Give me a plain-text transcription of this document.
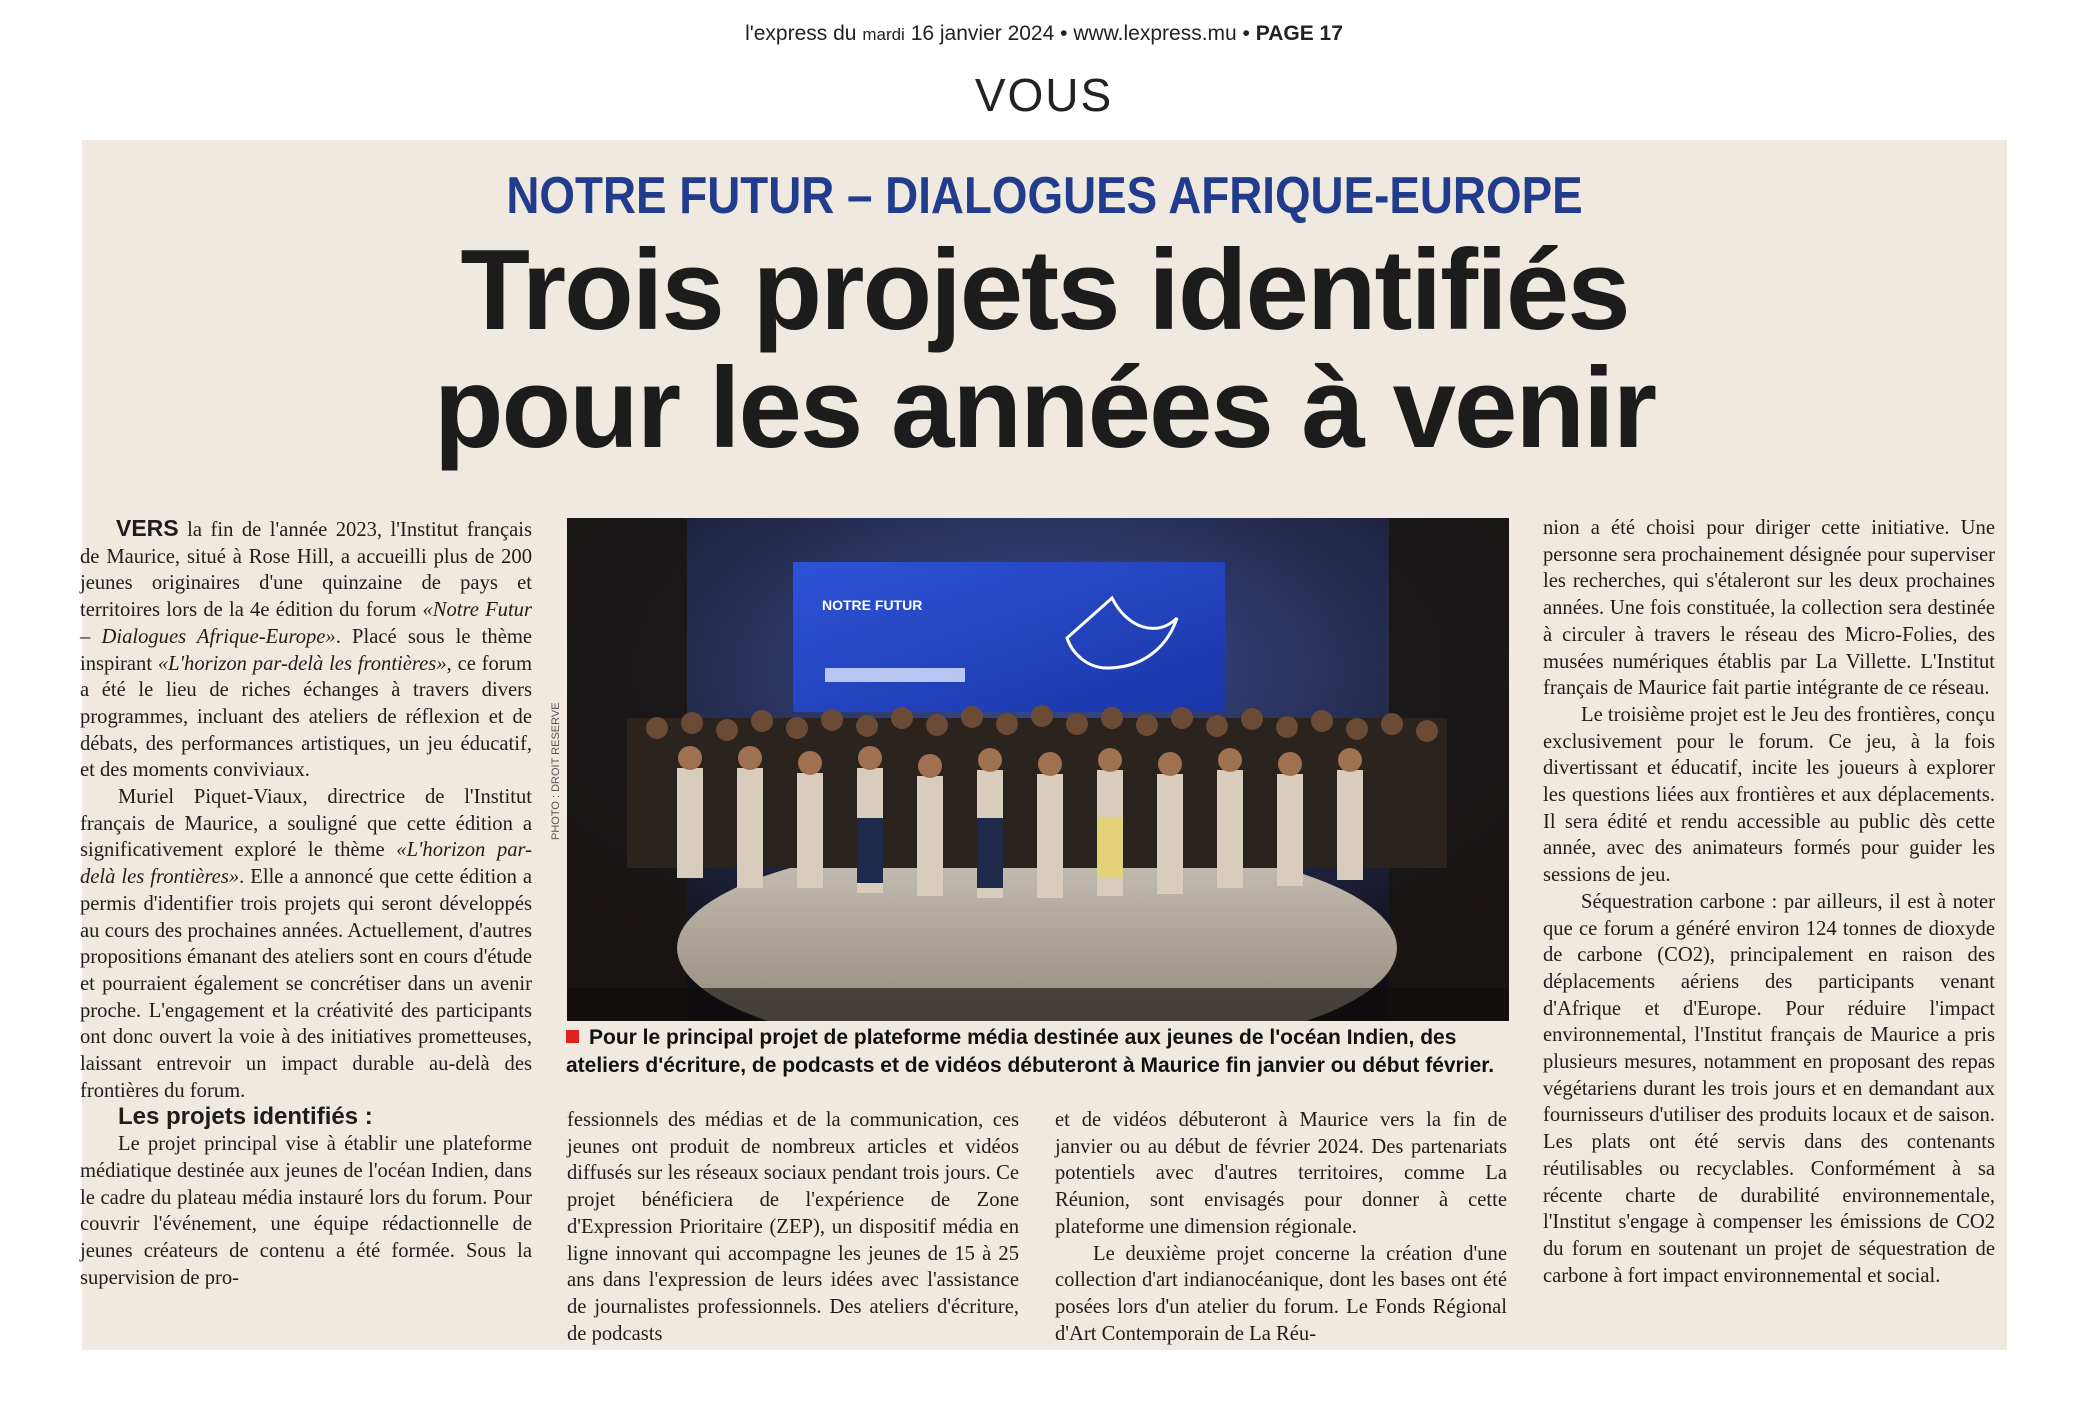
l'express du mardi 16 janvier 2024 • www.lexpress.mu • PAGE 17
VOUS
NOTRE FUTUR – DIALOGUES AFRIQUE-EUROPE
Trois projets identifiés
pour les années à venir

VERS la fin de l'année 2023, l'Institut français de Maurice, situé à Rose Hill, a accueilli plus de 200 jeunes originaires d'une quinzaine de pays et territoires lors de la 4e édition du forum «Notre Futur – Dialogues Afrique-Europe». Placé sous le thème inspirant «L'horizon par-delà les frontières», ce forum a été le lieu de riches échanges à travers divers programmes, incluant des ateliers de réflexion et de débats, des performances artistiques, un jeu éducatif, et des moments conviviaux.

Muriel Piquet-Viaux, directrice de l'Institut français de Maurice, a souligné que cette édition a significativement exploré le thème «L'horizon par-delà les frontières». Elle a annoncé que cette édition a permis d'identifier trois projets qui seront développés au cours des prochaines années. Actuellement, d'autres propositions émanant des ateliers sont en cours d'étude et pourraient également se concrétiser dans un avenir proche. L'engagement et la créativité des participants ont donc ouvert la voie à des initiatives prometteuses, laissant entrevoir un impact durable au-delà des frontières du forum.

Les projets identifiés :

Le projet principal vise à établir une plateforme médiatique destinée aux jeunes de l'océan Indien, dans le cadre du plateau média instauré lors du forum. Pour couvrir l'événement, une équipe rédactionnelle de jeunes créateurs de contenu a été formée. Sous la supervision de pro-

NOTRE FUTUR
PHOTO : DROIT RESERVE
Pour le principal projet de plateforme média destinée aux jeunes de l'océan Indien, des ateliers d'écriture, de podcasts et de vidéos débuteront à Maurice fin janvier ou début février.

fessionnels des médias et de la communication, ces jeunes ont produit de nombreux articles et vidéos diffusés sur les réseaux sociaux pendant trois jours. Ce projet bénéficiera de l'expérience de Zone d'Expression Prioritaire (ZEP), un dispositif média en ligne innovant qui accompagne les jeunes de 15 à 25 ans dans l'expression de leurs idées avec l'assistance de journalistes professionnels. Des ateliers d'écriture, de podcasts

et de vidéos débuteront à Maurice vers la fin de janvier ou au début de février 2024. Des partenariats potentiels avec d'autres territoires, comme La Réunion, sont envisagés pour donner à cette plateforme une dimension régionale.

Le deuxième projet concerne la création d'une collection d'art indianocéanique, dont les bases ont été posées lors d'un atelier du forum. Le Fonds Régional d'Art Contemporain de La Réu-

nion a été choisi pour diriger cette initiative. Une personne sera prochainement désignée pour superviser les recherches, qui s'étaleront sur les deux prochaines années. Une fois constituée, la collection sera destinée à circuler à travers le réseau des Micro-Folies, des musées numériques établis par La Villette. L'Institut français de Maurice fait partie intégrante de ce réseau.

Le troisième projet est le Jeu des frontières, conçu exclusivement pour le forum. Ce jeu, à la fois divertissant et éducatif, incite les joueurs à explorer les questions liées aux frontières et aux déplacements. Il sera édité et rendu accessible au public dès cette année, avec des animateurs formés pour guider les sessions de jeu.

Séquestration carbone : par ailleurs, il est à noter que ce forum a généré environ 124 tonnes de dioxyde de carbone (CO2), principalement en raison des déplacements aériens des participants venant d'Afrique et d'Europe. Pour réduire l'impact environnemental, l'Institut français de Maurice a pris plusieurs mesures, notamment en proposant des repas végétariens durant les trois jours et en demandant aux fournisseurs d'utiliser des produits locaux et de saison. Les plats ont été servis dans des contenants réutilisables ou recyclables. Conformément à sa récente charte de durabilité environnementale, l'Institut s'engage à compenser les émissions de CO2 du forum en soutenant un projet de séquestration de carbone à fort impact environnemental et social.
